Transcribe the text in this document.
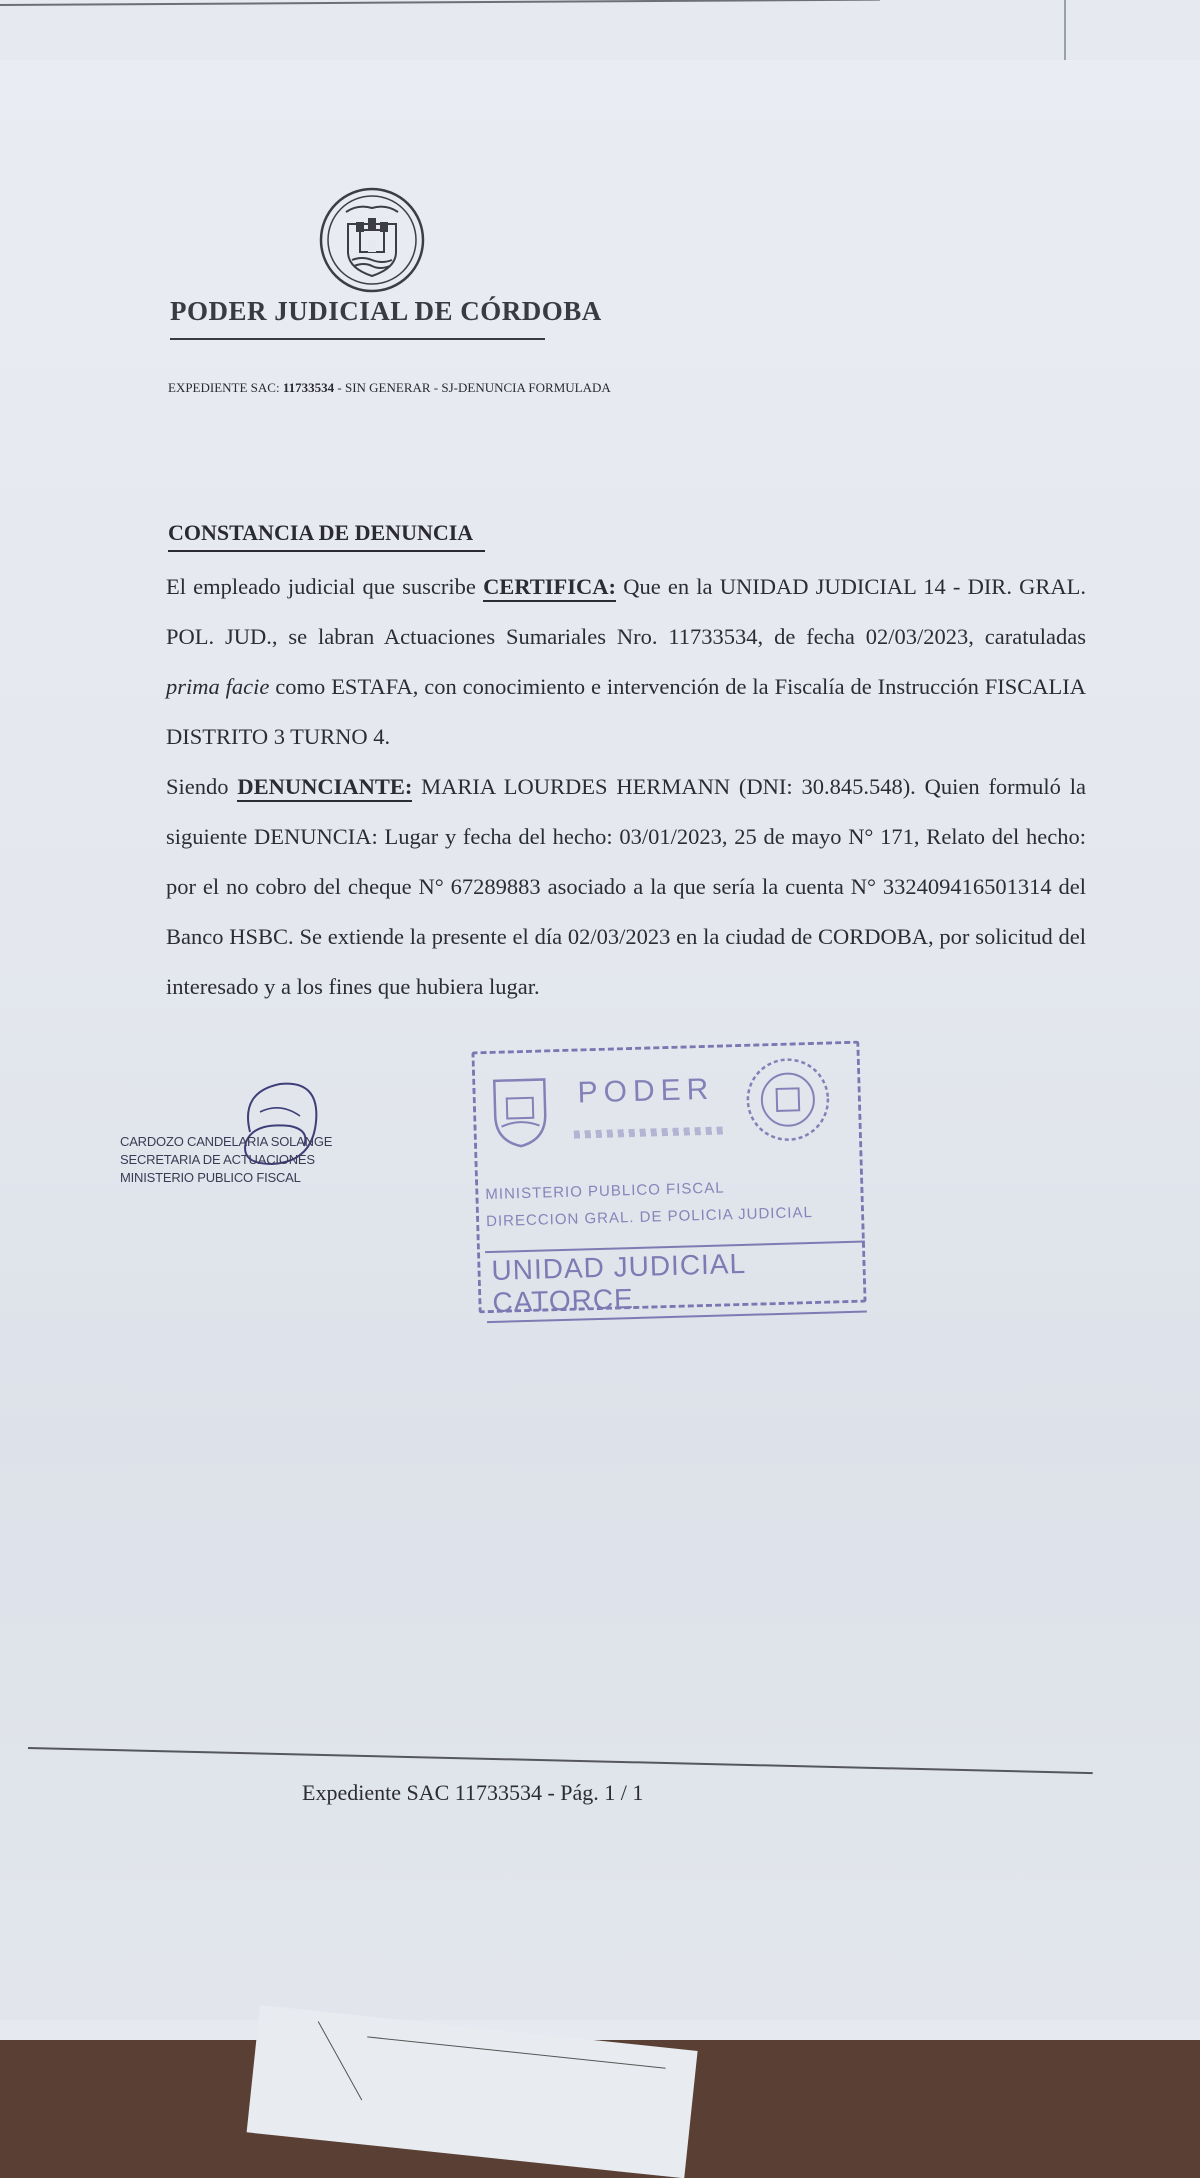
PODER JUDICIAL DE CÓRDOBA
EXPEDIENTE SAC: 11733534 - SIN GENERAR - SJ-DENUNCIA FORMULADA
CONSTANCIA DE DENUNCIA

El empleado judicial que suscribe CERTIFICA: Que en la UNIDAD JUDICIAL 14 - DIR. GRAL. POL. JUD., se labran Actuaciones Sumariales Nro. 11733534, de fecha 02/03/2023, caratuladas prima facie como ESTAFA, con conocimiento e intervención de la Fiscalía de Instrucción FISCALIA DISTRITO 3 TURNO 4.

Siendo DENUNCIANTE: MARIA LOURDES HERMANN (DNI: 30.845.548). Quien formuló la siguiente DENUNCIA: Lugar y fecha del hecho: 03/01/2023, 25 de mayo N° 171, Relato del hecho: por el no cobro del cheque N° 67289883 asociado a la que sería la cuenta N° 332409416501314 del Banco HSBC. Se extiende la presente el día 02/03/2023 en la ciudad de CORDOBA, por solicitud del interesado y a los fines que hubiera lugar.

CARDOZO CANDELARIA SOLANGE
SECRETARIA DE ACTUACIONES
MINISTERIO PUBLICO FISCAL
PODER
MINISTERIO PUBLICO FISCAL
DIRECCION GRAL. DE POLICIA JUDICIAL
UNIDAD JUDICIAL CATORCE
Expediente SAC 11733534 - Pág. 1 / 1
